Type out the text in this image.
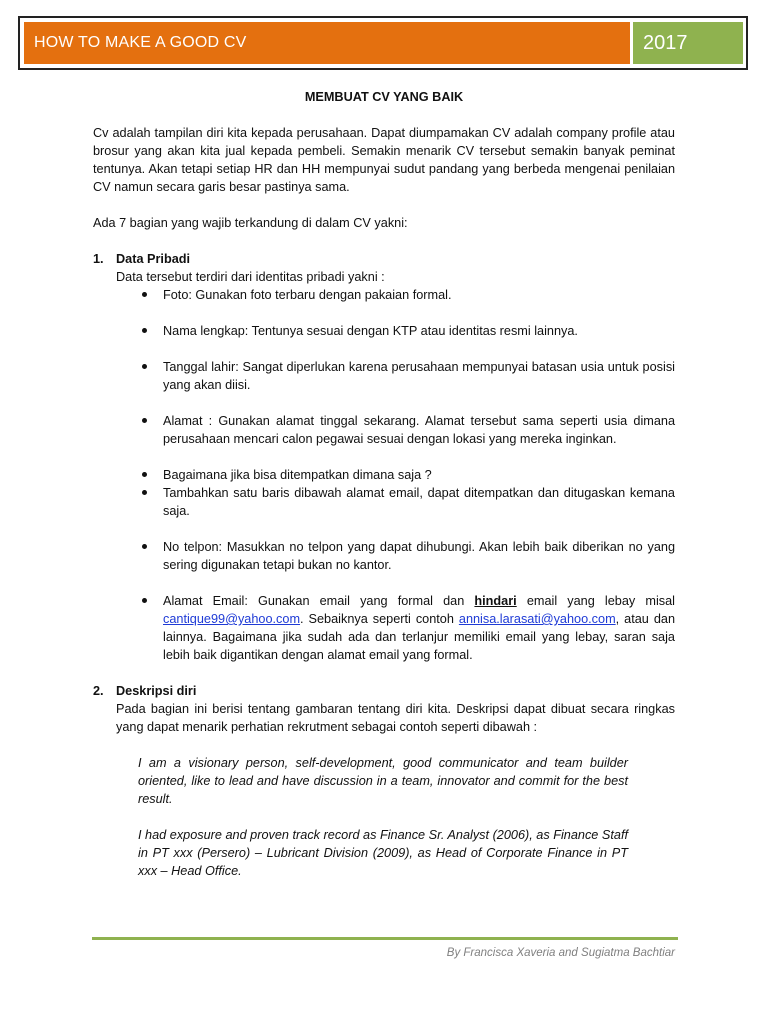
HOW TO MAKE A GOOD CV	2017
MEMBUAT CV YANG BAIK

Cv adalah tampilan diri kita kepada perusahaan. Dapat diumpamakan CV adalah company profile atau brosur yang akan kita jual kepada pembeli. Semakin menarik CV tersebut semakin banyak peminat tentunya. Akan tetapi setiap HR dan HH mempunyai sudut pandang yang berbeda mengenai penilaian CV namun secara garis besar pastinya sama.

Ada 7 bagian yang wajib terkandung di dalam CV yakni:

1. Data Pribadi

Data tersebut terdiri dari identitas pribadi yakni :

Foto: Gunakan foto terbaru dengan pakaian formal.
Nama lengkap: Tentunya sesuai dengan KTP atau identitas resmi lainnya.
Tanggal lahir: Sangat diperlukan karena perusahaan mempunyai batasan usia untuk posisi yang akan diisi.
Alamat : Gunakan alamat tinggal sekarang. Alamat tersebut sama seperti usia dimana perusahaan mencari calon pegawai sesuai dengan lokasi yang mereka inginkan.
Bagaimana jika bisa ditempatkan dimana saja ?
Tambahkan satu baris dibawah alamat email, dapat ditempatkan dan ditugaskan kemana saja.
No telpon: Masukkan no telpon yang dapat dihubungi. Akan lebih baik diberikan no yang sering digunakan tetapi bukan no kantor.
Alamat Email: Gunakan email yang formal dan hindari email yang lebay misal cantique99@yahoo.com. Sebaiknya seperti contoh annisa.larasati@yahoo.com, atau dan lainnya. Bagaimana jika sudah ada dan terlanjur memiliki email yang lebay, saran saja lebih baik digantikan dengan alamat email yang formal.
2. Deskripsi diri

Pada bagian ini berisi tentang gambaran tentang diri kita. Deskripsi dapat dibuat secara ringkas yang dapat menarik perhatian rekrutment sebagai contoh seperti dibawah :

I am a visionary person, self-development, good communicator and team builder oriented, like to lead and have discussion in a team, innovator and commit for the best result.

I had exposure and proven track record as Finance Sr. Analyst (2006), as Finance Staff in PT xxx (Persero) – Lubricant Division (2009), as Head of Corporate Finance in PT xxx – Head Office.

By Francisca Xaveria and Sugiatma Bachtiar
